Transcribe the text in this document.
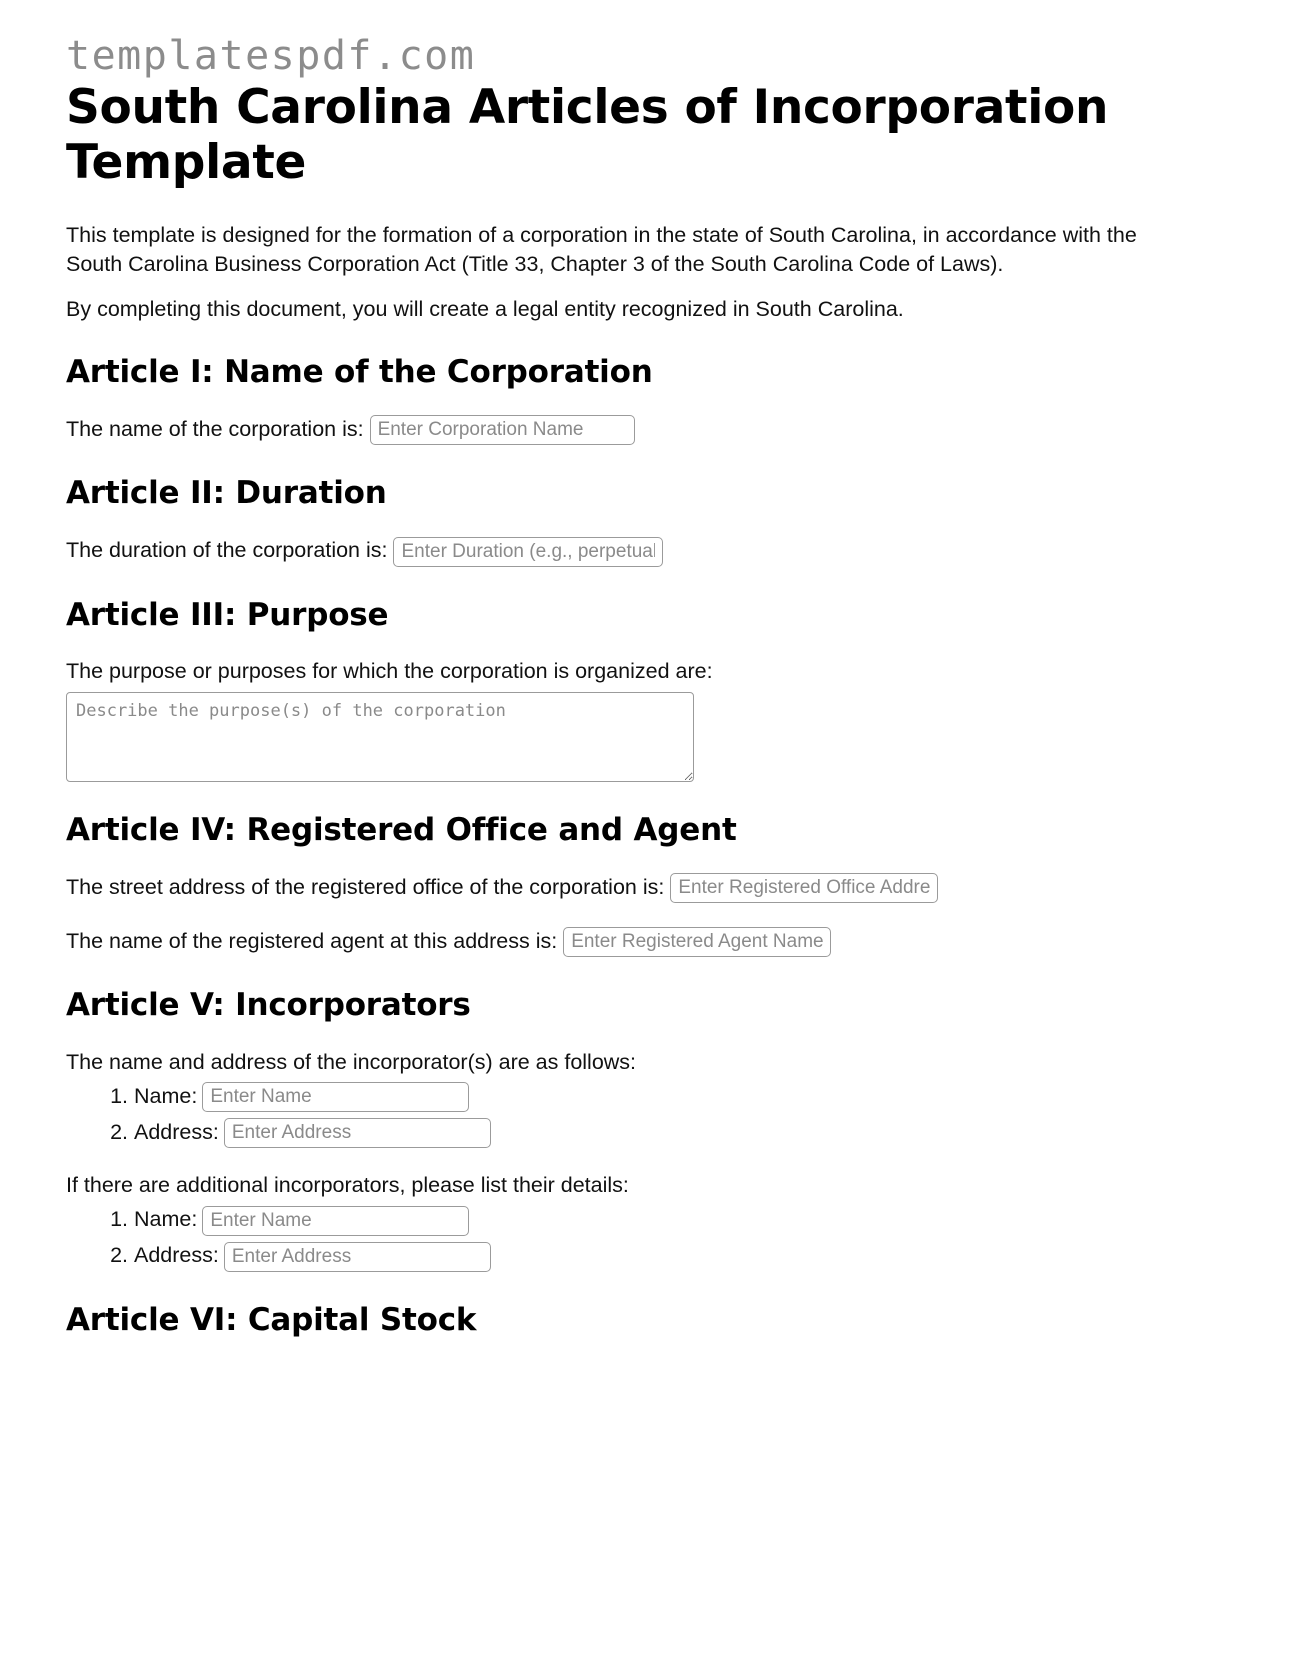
templatespdf.com
South Carolina Articles of Incorporation Template

This template is designed for the formation of a corporation in the state of South Carolina, in accordance with the South Carolina Business Corporation Act (Title 33, Chapter 3 of the South Carolina Code of Laws).

By completing this document, you will create a legal entity recognized in South Carolina.

Article I: Name of the Corporation

The name of the corporation is: Enter Corporation Name

Article II: Duration

The duration of the corporation is: Enter Duration (e.g., perpetual)

Article III: Purpose

The purpose or purposes for which the corporation is organized are:

Describe the purpose(s) of the corporation
Article IV: Registered Office and Agent

The street address of the registered office of the corporation is: Enter Registered Office Address

The name of the registered agent at this address is: Enter Registered Agent Name

Article V: Incorporators

The name and address of the incorporator(s) are as follows:

1. Name:Enter Name
2. Address:Enter Address

If there are additional incorporators, please list their details:

1. Name:Enter Name
2. Address:Enter Address
Article VI: Capital Stock
